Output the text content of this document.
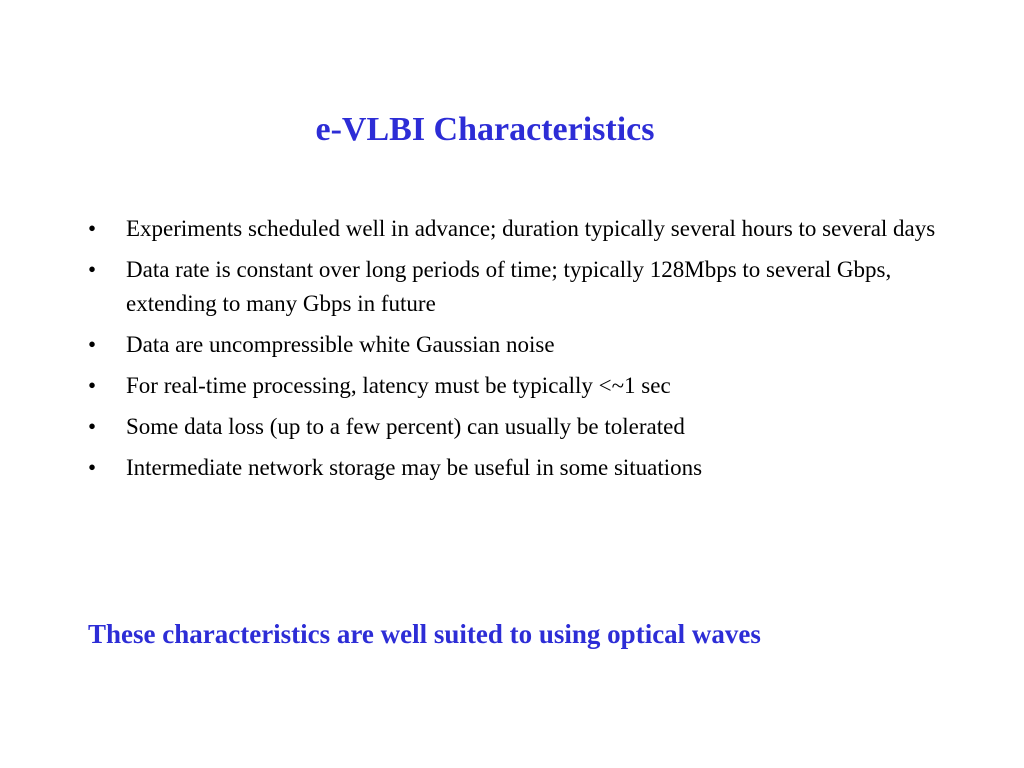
e-VLBI Characteristics
• Experiments scheduled well in advance; duration typically several hours to several days
• Data rate is constant over long periods of time; typically 128Mbps to several Gbps, extending to many Gbps in future
• Data are uncompressible white Gaussian noise
• For real-time processing, latency must be typically <~1 sec
• Some data loss (up to a few percent) can usually be tolerated
• Intermediate network storage may be useful in some situations

These characteristics are well suited to using optical waves
